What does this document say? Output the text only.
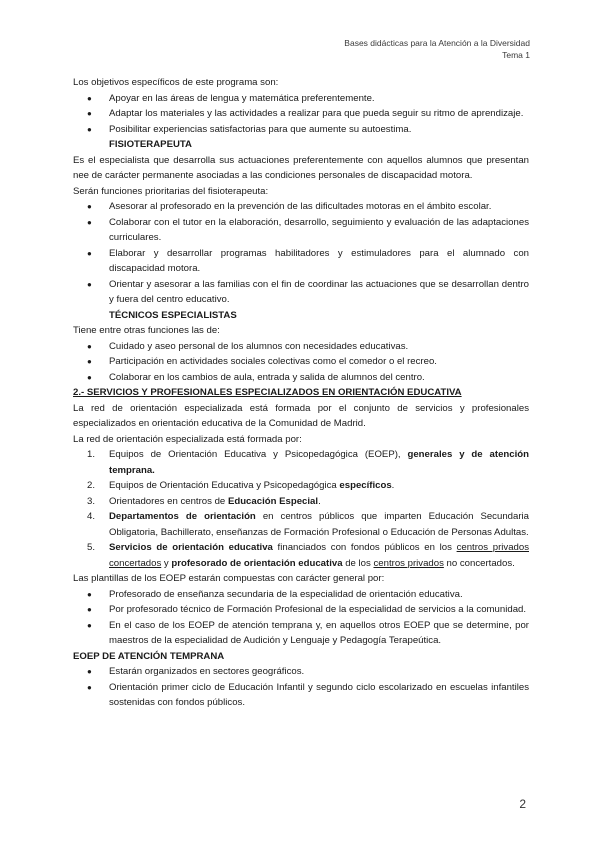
Bases didácticas para la Atención a la Diversidad
Tema 1

Los objetivos específicos de este programa son:

● Apoyar en las áreas de lengua y matemática preferentemente.
● Adaptar los materiales y las actividades a realizar para que pueda seguir su ritmo de aprendizaje.
● Posibilitar experiencias satisfactorias para que aumente su autoestima.
FISIOTERAPEUTA

Es el especialista que desarrolla sus actuaciones preferentemente con aquellos alumnos que presentan nee de carácter permanente asociadas a las condiciones personales de discapacidad motora.

Serán funciones prioritarias del fisioterapeuta:

● Asesorar al profesorado en la prevención de las dificultades motoras en el ámbito escolar.
● Colaborar con el tutor en la elaboración, desarrollo, seguimiento y evaluación de las adaptaciones curriculares.
● Elaborar y desarrollar programas habilitadores y estimuladores para el alumnado con discapacidad motora.
● Orientar y asesorar a las familias con el fin de coordinar las actuaciones que se desarrollan dentro y fuera del centro educativo.
TÉCNICOS ESPECIALISTAS

Tiene entre otras funciones las de:

● Cuidado y aseo personal de los alumnos con necesidades educativas.
● Participación en actividades sociales colectivas como el comedor o el recreo.
● Colaborar en los cambios de aula, entrada y salida de alumnos del centro.

2.- SERVICIOS Y PROFESIONALES ESPECIALIZADOS EN ORIENTACIÓN EDUCATIVA

La red de orientación especializada está formada por el conjunto de servicios y profesionales especializados en orientación educativa de la Comunidad de Madrid.

La red de orientación especializada está formada por:

1. Equipos de Orientación Educativa y Psicopedagógica (EOEP), generales y de atención temprana.
2. Equipos de Orientación Educativa y Psicopedagógica específicos.
3. Orientadores en centros de Educación Especial.
4. Departamentos de orientación en centros públicos que imparten Educación Secundaria Obligatoria, Bachillerato, enseñanzas de Formación Profesional o Educación de Personas Adultas.
5. Servicios de orientación educativa financiados con fondos públicos en los centros privados concertados y profesorado de orientación educativa de los centros privados no concertados.

Las plantillas de los EOEP estarán compuestas con carácter general por:

● Profesorado de enseñanza secundaria de la especialidad de orientación educativa.
● Por profesorado técnico de Formación Profesional de la especialidad de servicios a la comunidad.
● En el caso de los EOEP de atención temprana y, en aquellos otros EOEP que se determine, por maestros de la especialidad de Audición y Lenguaje y Pedagogía Terapeútica.

EOEP DE ATENCIÓN TEMPRANA

● Estarán organizados en sectores geográficos.
● Orientación primer ciclo de Educación Infantil y segundo ciclo escolarizado en escuelas infantiles sostenidas con fondos públicos.
2
